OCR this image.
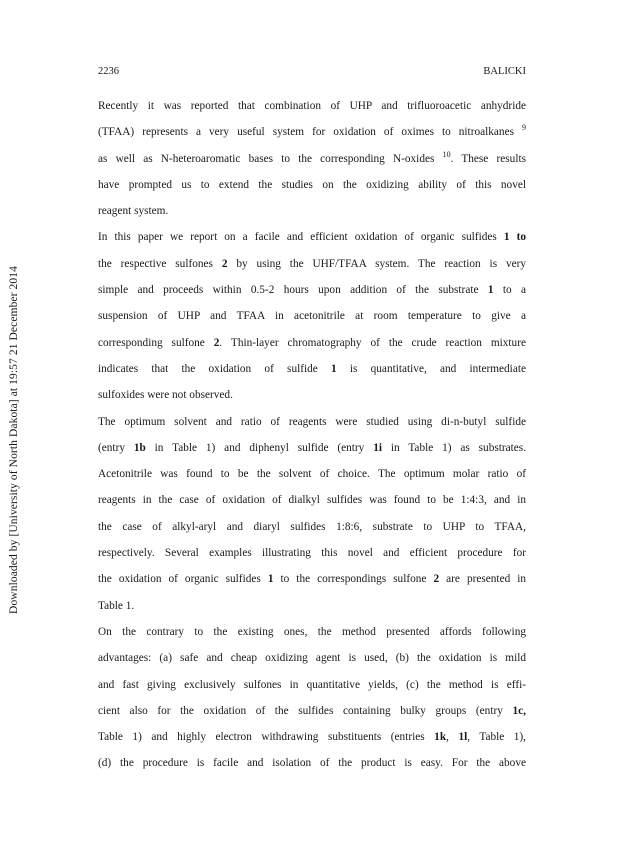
Downloaded by [University of North Dakota] at 19:57 21 December 2014
2236	BALICKI

Recently it was reported that combination of UHP and trifluoroacetic anhydride
(TFAA) represents a very useful system for oxidation of oximes to nitroalkanes $^9$
as well as N-heteroaromatic bases to the corresponding N-oxides $^{10}$. These results
have prompted us to extend the studies on the oxidizing ability of this novel
reagent system.

In this paper we report on a facile and efficient oxidation of organic sulfides 1 to
the respective sulfones 2 by using the UHF/TFAA system. The reaction is very
simple and proceeds within 0.5-2 hours upon addition of the substrate 1 to a
suspension of UHP and TFAA in acetonitrile at room temperature to give a
corresponding sulfone 2. Thin-layer chromatography of the crude reaction mixture
indicates that the oxidation of sulfide 1 is quantitative, and intermediate
sulfoxides were not observed.

The optimum solvent and ratio of reagents were studied using di-n-butyl sulfide
(entry 1b in Table 1) and diphenyl sulfide (entry 1i in Table 1) as substrates.
Acetonitrile was found to be the solvent of choice. The optimum molar ratio of
reagents in the case of oxidation of dialkyl sulfides was found to be 1:4:3, and in
the case of alkyl-aryl and diaryl sulfides 1:8:6, substrate to UHP to TFAA,
respectively. Several examples illustrating this novel and efficient procedure for
the oxidation of organic sulfides 1 to the correspondings sulfone 2 are presented in
Table 1.

On the contrary to the existing ones, the method presented affords following
advantages: (a) safe and cheap oxidizing agent is used, (b) the oxidation is mild
and fast giving exclusively sulfones in quantitative yields, (c) the method is effi-
cient also for the oxidation of the sulfides containing bulky groups (entry 1c,
Table 1) and highly electron withdrawing substituents (entries 1k, 1l, Table 1),
(d) the procedure is facile and isolation of the product is easy. For the above
